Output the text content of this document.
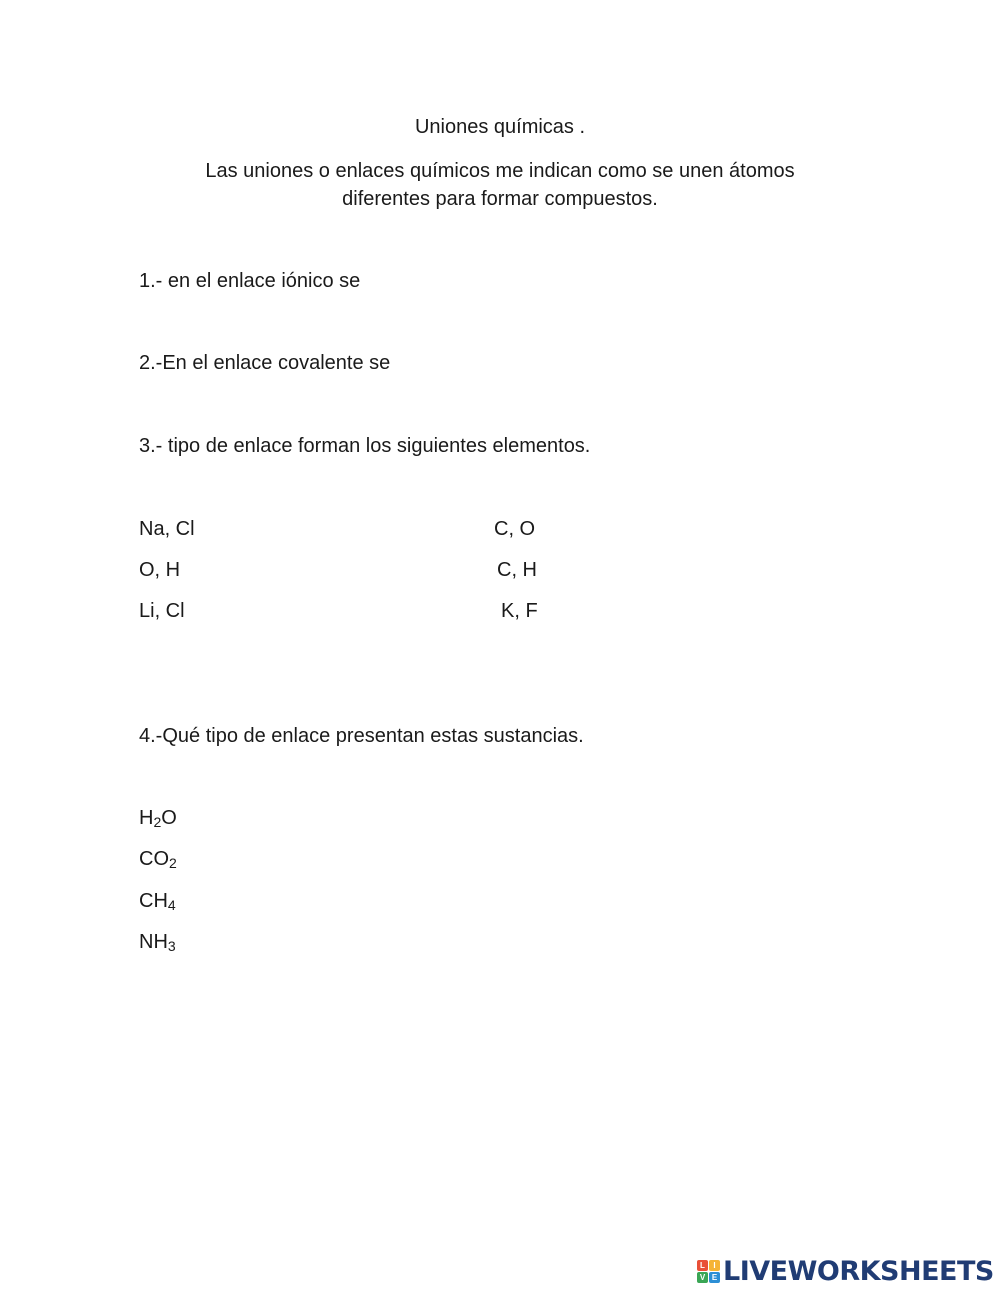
Uniones químicas .
Las uniones o enlaces químicos me indican como se unen átomos
diferentes para formar compuestos.
1.- en el enlace iónico se
2.-En el enlace covalente se
3.- tipo de enlace forman los siguientes elementos.
Na, Cl
O, H
Li, Cl
C, O
C, H
K, F
4.-Qué tipo de enlace presentan estas sustancias.
$H_2O$
$CO_2$
$CH_4$
$NH_3$
L	I
V E LIVEWORKSHEETS
